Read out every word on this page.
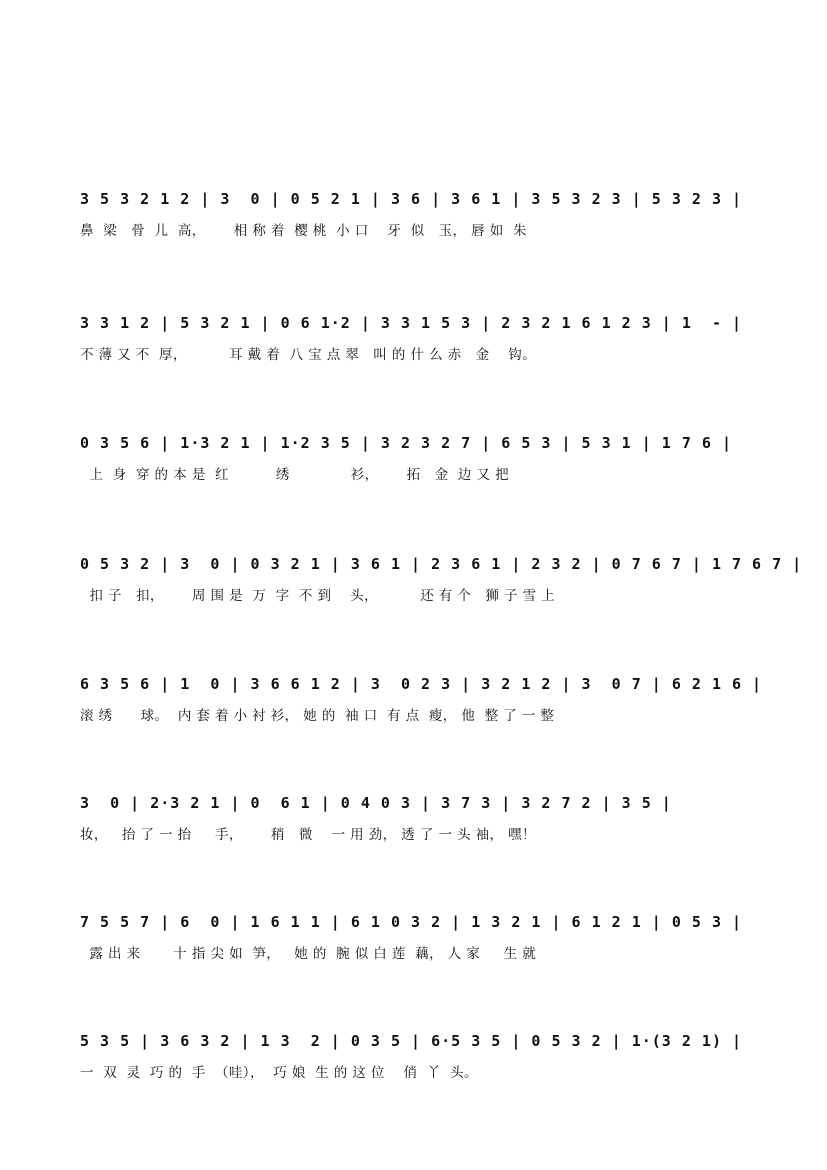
3 5 3 2 1 2 | 3  0 | 0 5 2 1 | 3 6 | 3 6 1 | 3 5 3 2 3 | 5 3 2 3 |
鼻  梁   骨  儿  高，      相 称 着  樱 桃  小 口    牙  似   玉， 唇 如  朱
3 3 1 2 | 5 3 2 1 | 0 6 1·2 | 3 3 1 5 3 | 2 3 2 1 6 1 2 3 | 1  - |
不 薄 又 不  厚，         耳 戴 着  八 宝 点 翠   叫 的 什 么 赤   金    钩。
0 3 5 6 | 1·3 2 1 | 1·2 3 5 | 3 2 3 2 7 | 6 5 3 | 5 3 1 | 1 7 6 |
上  身  穿 的 本 是  红          绣             衫，      拓   金  边 又 把
0 5 3 2 | 3  0 | 0 3 2 1 | 3 6 1 | 2 3 6 1 | 2 3 2 | 0 7 6 7 | 1 7 6 7 |
扣 子   扣，      周 围 是  万  字  不 到    头，         还 有 个   狮 子 雪 上
6 3 5 6 | 1  0 | 3 6 6 1 2 | 3  0 2 3 | 3 2 1 2 | 3  0 7 | 6 2 1 6 |
滚 绣      球。  内 套 着 小 衬 衫， 她 的  袖 口  有 点  瘦， 他  整 了 一 整
3  0 | 2·3 2 1 | 0  6 1 | 0 4 0 3 | 3 7 3 | 3 2 7 2 | 3 5 |
妆，   抬 了 一 抬     手，      稍   微    一 用 劲， 透 了 一 头 袖， 嘿！
7 5 5 7 | 6  0 | 1 6 1 1 | 6 1 0 3 2 | 1 3 2 1 | 6 1 2 1 | 0 5 3 |
露 出 来       十 指 尖 如  笋，   她 的  腕 似 白 莲  藕， 人 家     生 就
5 3 5 | 3 6 3 2 | 1 3  2 | 0 3 5 | 6·5 3 5 | 0 5 3 2 | 1·(3 2 1) |
一  双  灵  巧 的  手  （哇），  巧 娘  生 的 这 位    俏  丫  头。
